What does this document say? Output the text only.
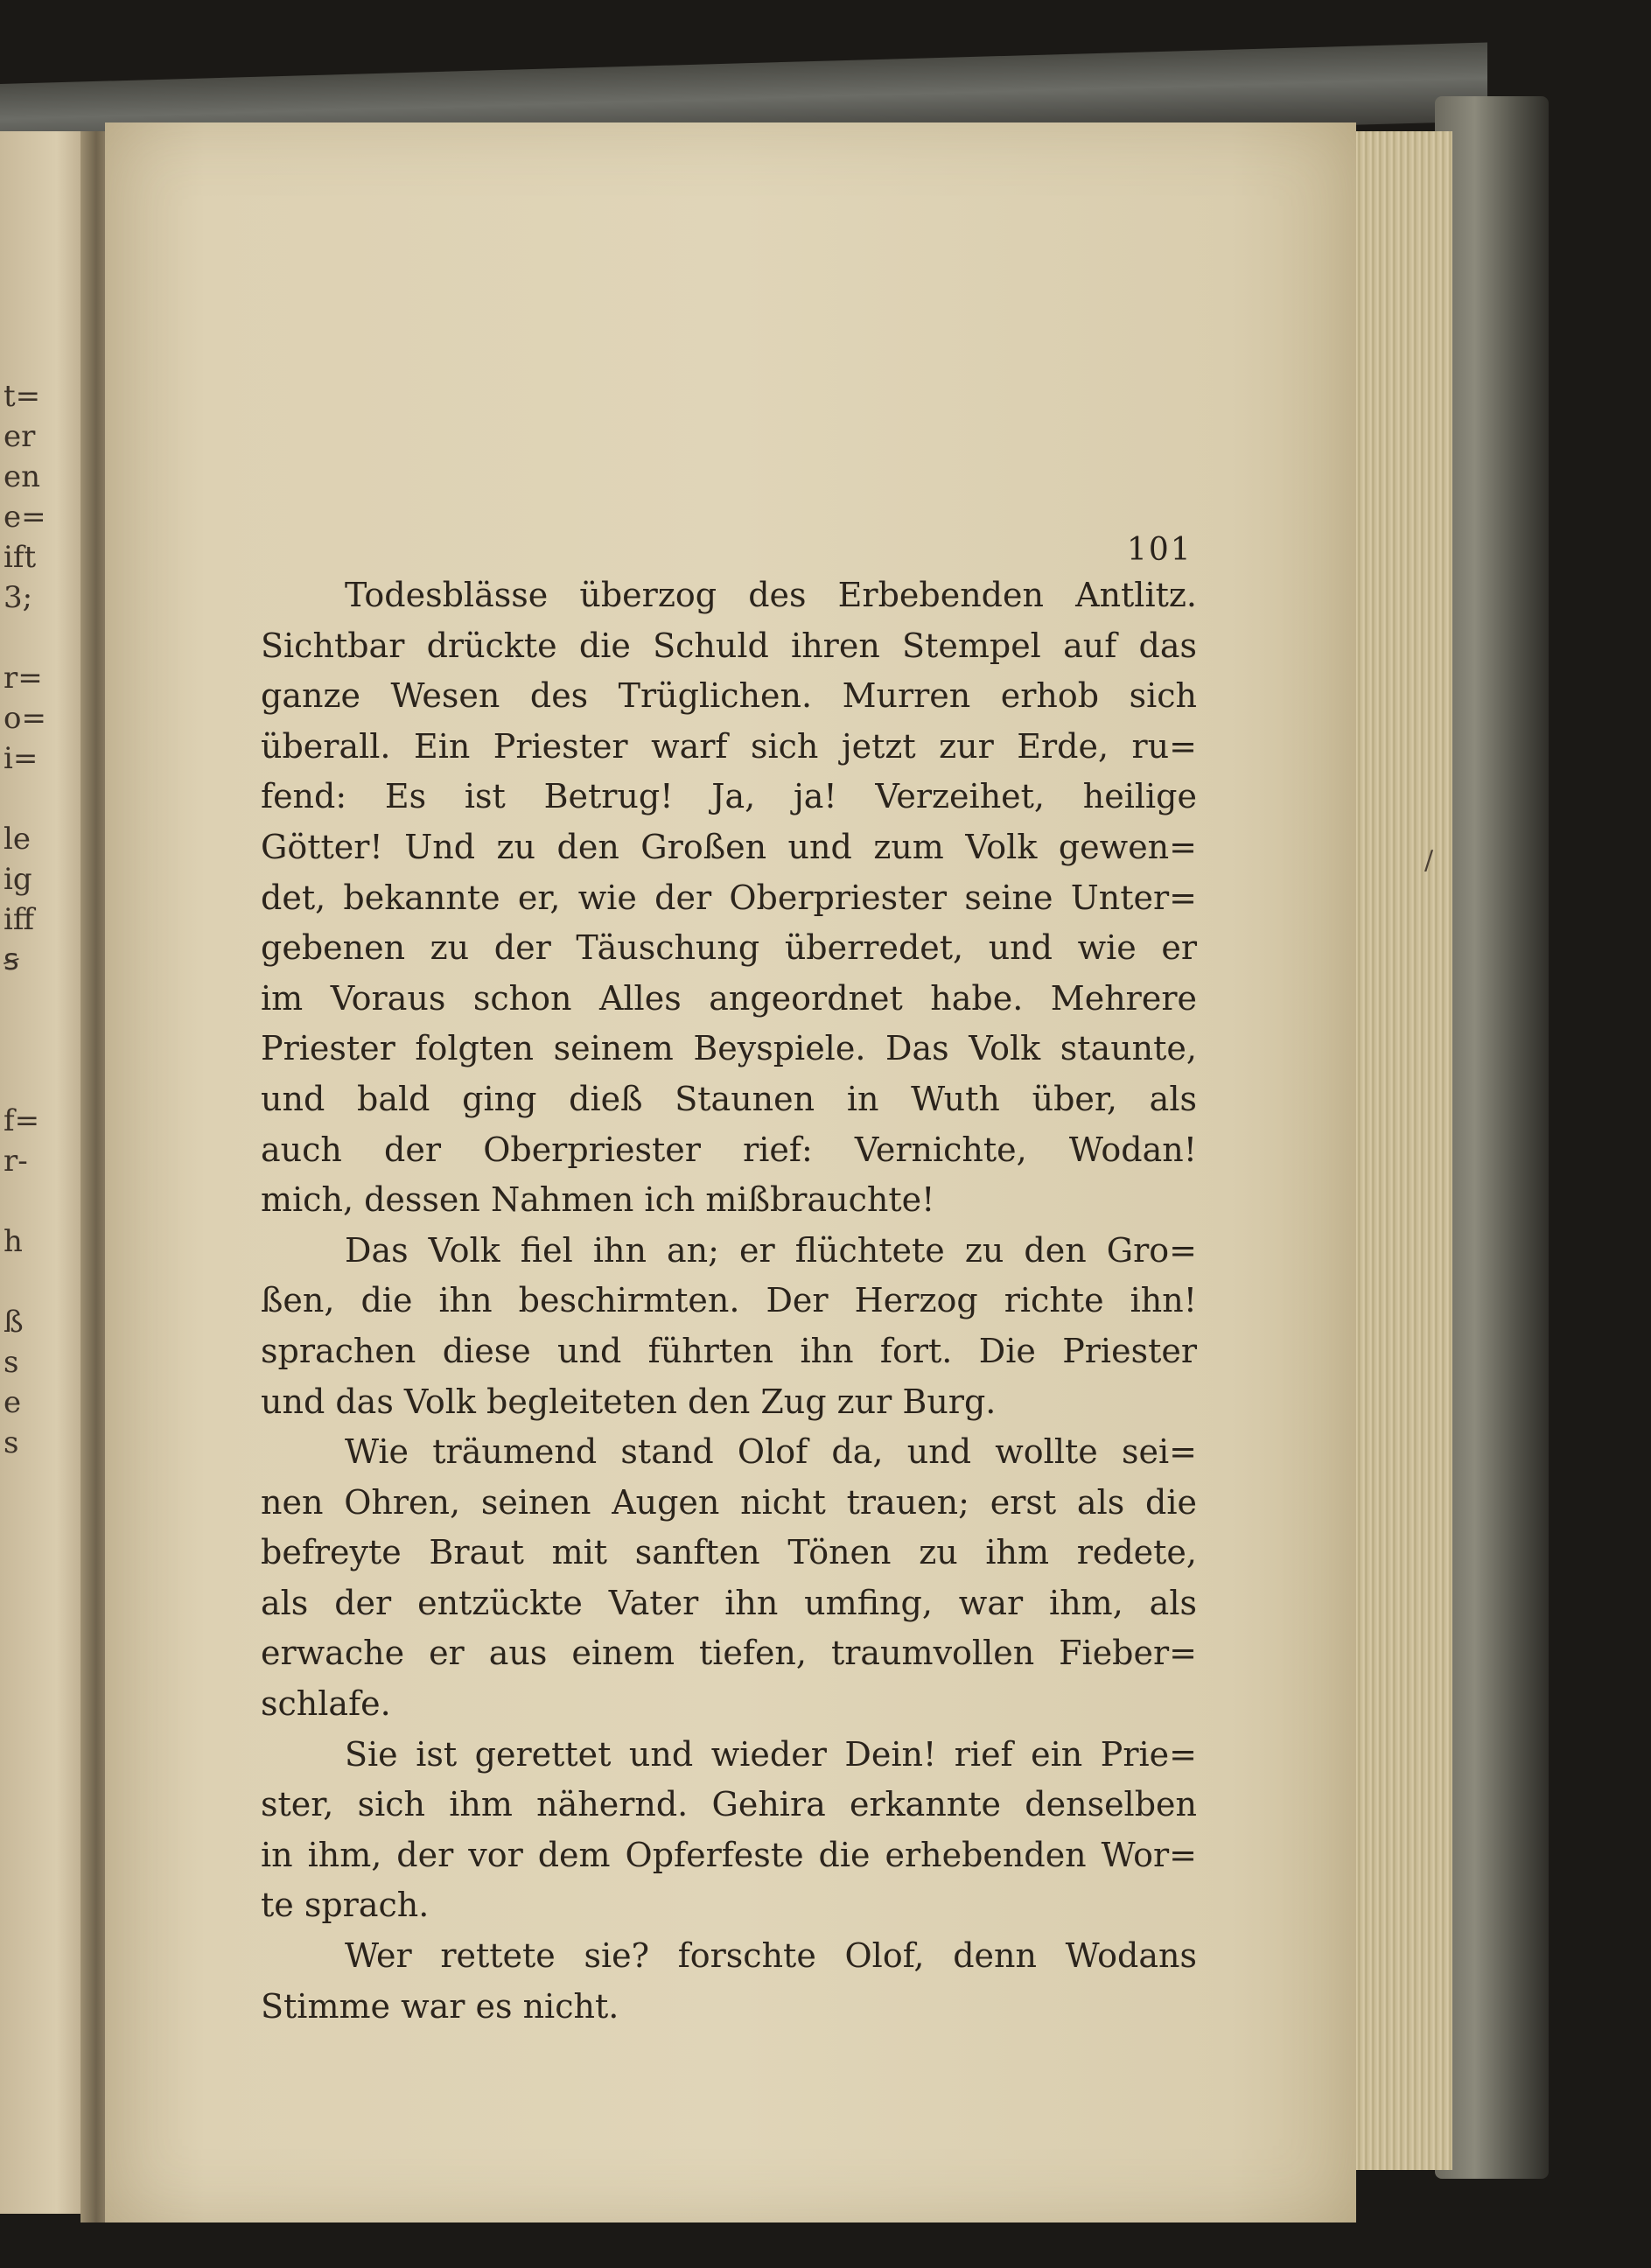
t=
er
en
e=
ift
3;
r=
o=
i=
le
ig
iff
ꞩ
f=
r-
h
ß
s
e
s
101
Todesblässe überzog des Erbebenden Antlitz.
Sichtbar drückte die Schuld ihren Stempel auf das
ganze Wesen des Trüglichen. Murren erhob sich
überall. Ein Priester warf sich jetzt zur Erde, ru=
fend: Es ist Betrug! Ja, ja! Verzeihet, heilige
Götter! Und zu den Großen und zum Volk gewen=
det, bekannte er, wie der Oberpriester seine Unter=
gebenen zu der Täuschung überredet, und wie er
im Voraus schon Alles angeordnet habe. Mehrere
Priester folgten seinem Beyspiele. Das Volk staunte,
und bald ging dieß Staunen in Wuth über, als
auch der Oberpriester rief: Vernichte, Wodan!
mich, dessen Nahmen ich mißbrauchte!
Das Volk fiel ihn an; er flüchtete zu den Gro=
ßen, die ihn beschirmten. Der Herzog richte ihn!
sprachen diese und führten ihn fort. Die Priester
und das Volk begleiteten den Zug zur Burg.
Wie träumend stand Olof da, und wollte sei=
nen Ohren, seinen Augen nicht trauen; erst als die
befreyte Braut mit sanften Tönen zu ihm redete,
als der entzückte Vater ihn umfing, war ihm, als
erwache er aus einem tiefen, traumvollen Fieber=
schlafe.
Sie ist gerettet und wieder Dein! rief ein Prie=
ster, sich ihm nähernd. Gehira erkannte denselben
in ihm, der vor dem Opferfeste die erhebenden Wor=
te sprach.
Wer rettete sie? forschte Olof, denn Wodans
Stimme war es nicht.
/
